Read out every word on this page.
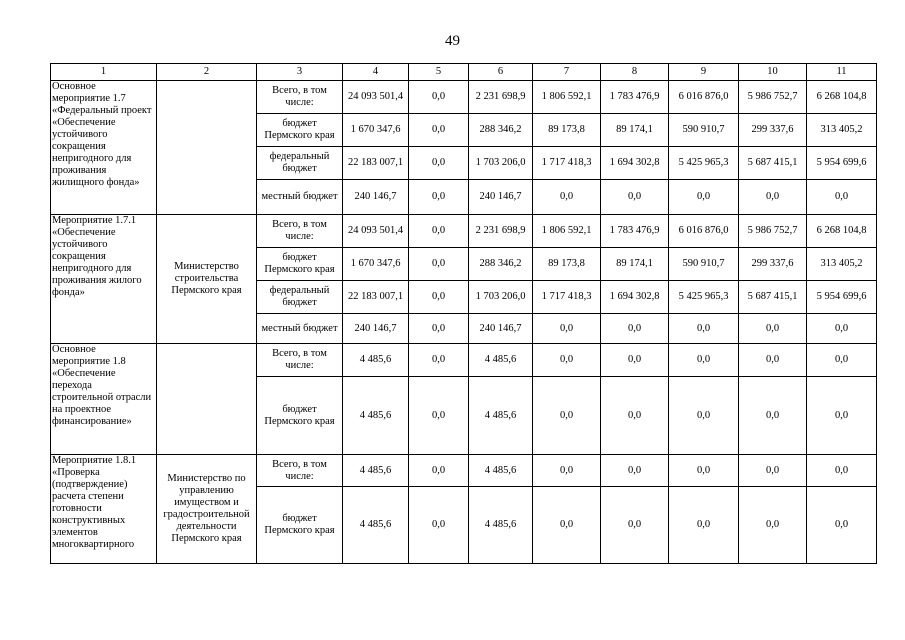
49
1	2	3	4	5	6	7	8	9	10	11
Основное мероприятие 1.7 «Федеральный проект «Обеспечение устойчивого сокращения непригодного для проживания жилищного фонда»		Всего, в том числе:	24 093 501,4	0,0	2 231 698,9	1 806 592,1	1 783 476,9	6 016 876,0	5 986 752,7	6 268 104,8
		бюджет Пермского края	1 670 347,6	0,0	288 346,2	89 173,8	89 174,1	590 910,7	299 337,6	313 405,2
		федеральный бюджет	22 183 007,1	0,0	1 703 206,0	1 717 418,3	1 694 302,8	5 425 965,3	5 687 415,1	5 954 699,6
		местный бюджет	240 146,7	0,0	240 146,7	0,0	0,0	0,0	0,0	0,0
Мероприятие 1.7.1 «Обеспечение устойчивого сокращения непригодного для проживания жилого фонда»	Министерство строительства Пермского края	Всего, в том числе:	24 093 501,4	0,0	2 231 698,9	1 806 592,1	1 783 476,9	6 016 876,0	5 986 752,7	6 268 104,8
		бюджет Пермского края	1 670 347,6	0,0	288 346,2	89 173,8	89 174,1	590 910,7	299 337,6	313 405,2
		федеральный бюджет	22 183 007,1	0,0	1 703 206,0	1 717 418,3	1 694 302,8	5 425 965,3	5 687 415,1	5 954 699,6
		местный бюджет	240 146,7	0,0	240 146,7	0,0	0,0	0,0	0,0	0,0
Основное мероприятие 1.8 «Обеспечение перехода строительной отрасли на проектное финансирование»		Всего, в том числе:	4 485,6	0,0	4 485,6	0,0	0,0	0,0	0,0	0,0
		бюджет Пермского края	4 485,6	0,0	4 485,6	0,0	0,0	0,0	0,0	0,0
Мероприятие 1.8.1 «Проверка (подтверждение) расчета степени готовности конструктивных элементов многоквартирного	Министерство по управлению имуществом и градостроительной деятельности Пермского края	Всего, в том числе:	4 485,6	0,0	4 485,6	0,0	0,0	0,0	0,0	0,0
		бюджет Пермского края	4 485,6	0,0	4 485,6	0,0	0,0	0,0	0,0	0,0
